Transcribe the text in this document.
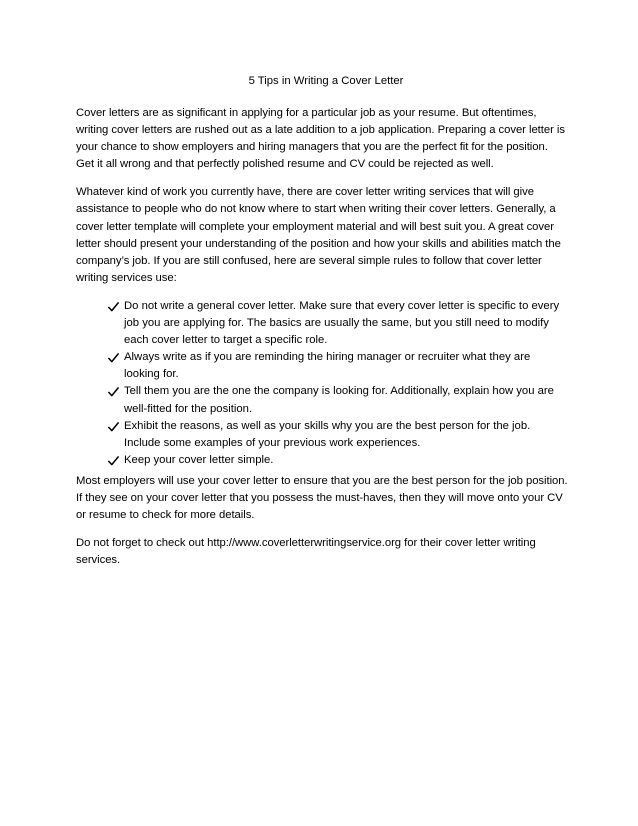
5 Tips in Writing a Cover Letter

Cover letters are as significant in applying for a particular job as your resume. But oftentimes, writing cover letters are rushed out as a late addition to a job application. Preparing a cover letter is your chance to show employers and hiring managers that you are the perfect fit for the position. Get it all wrong and that perfectly polished resume and CV could be rejected as well.

Whatever kind of work you currently have, there are cover letter writing services that will give assistance to people who do not know where to start when writing their cover letters. Generally, a cover letter template will complete your employment material and will best suit you. A great cover letter should present your understanding of the position and how your skills and abilities match the company’s job. If you are still confused, here are several simple rules to follow that cover letter writing services use:

Do not write a general cover letter. Make sure that every cover letter is specific to every job you are applying for. The basics are usually the same, but you still need to modify each cover letter to target a specific role.
Always write as if you are reminding the hiring manager or recruiter what they are looking for.
Tell them you are the one the company is looking for. Additionally, explain how you are well-fitted for the position.
Exhibit the reasons, as well as your skills why you are the best person for the job. Include some examples of your previous work experiences.
Keep your cover letter simple.

Most employers will use your cover letter to ensure that you are the best person for the job position. If they see on your cover letter that you possess the must-haves, then they will move onto your CV or resume to check for more details.

Do not forget to check out http://www.coverletterwritingservice.org for their cover letter writing services.
